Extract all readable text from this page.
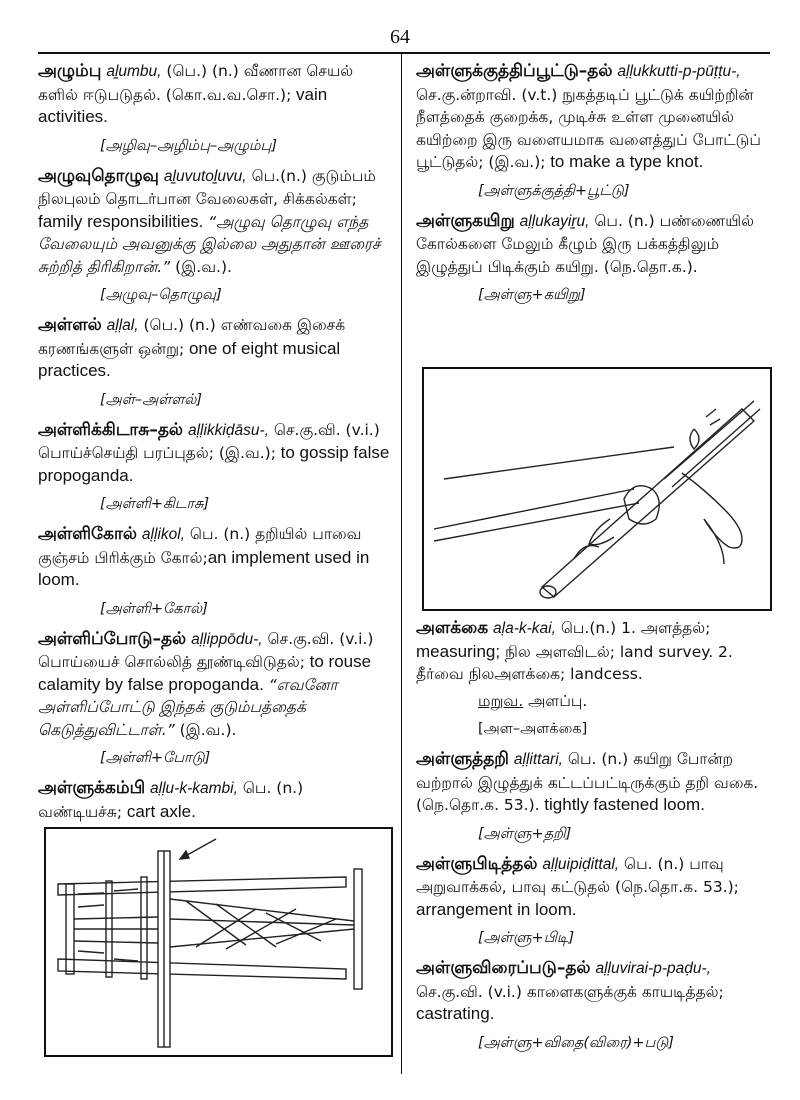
64
அழும்பு aḻumbu, (பெ.) (n.) வீணான செயல் களில் ஈடுபடுதல். (கொ.வ.வ.சொ.); vain activities.
[அழிவு–அழிம்பு–அழும்பு]
அழுவுதொழுவு aḻuvutoḻuvu, பெ.(n.) குடும்பம் நிலபுலம் தொடர்பான வேலைகள், சிக்கல்கள்; family responsibilities. “அழுவு தொழுவு எந்த வேலையும் அவனுக்கு இல்லை அதுதான் ஊரைச் சுற்றித் திரிகிறான்.” (இ.வ.).
[அழுவு–தொழுவு]
அள்ளல் aḷḷal, (பெ.) (n.) எண்வகை இசைக் கரணங்களுள் ஒன்று; one of eight musical practices.
[அள்–அள்ளல்]
அள்ளிக்கிடாசு–தல் aḷḷikkiḍāsu-, செ.கு.வி. (v.i.) பொய்ச்செய்தி பரப்புதல்; (இ.வ.); to gossip false propoganda.
[அள்ளி+கிடாசு]
அள்ளிகோல் aḷḷikol, பெ. (n.) தறியில் பாவை குஞ்சம் பிரிக்கும் கோல்;an implement used in loom.
[அள்ளி+கோல்]
அள்ளிப்போடு–தல் aḷḷippōdu-, செ.கு.வி. (v.i.) பொய்யைச் சொல்லித் தூண்டிவிடுதல்; to rouse calamity by false propoganda. “எவனோ அள்ளிப்போட்டு இந்தக் குடும்பத்தைக் கெடுத்துவிட்டாள்.” (இ.வ.).
[அள்ளி+போடு]
அள்ளுக்கம்பி aḷḷu-k-kambi, பெ. (n.) வண்டியச்சு; cart axle.
அள்ளுக்குத்திப்பூட்டு–தல் aḷḷukkutti-p-pūṭṭu-, செ.கு.ன்றாவி. (v.t.) நுகத்தடிப் பூட்டுக் கயிற்றின் நீளத்தைக் குறைக்க, முடிச்சு உள்ள முனையில் கயிற்றை இரு வளையமாக வளைத்துப் போட்டுப் பூட்டுதல்; (இ.வ.); to make a type knot.
[அள்ளுக்குத்தி+பூட்டு]
அள்ளுகயிறு aḷḷukayiṟu, பெ. (n.) பண்ணையில் கோல்களை மேலும் கீழும் இரு பக்கத்திலும் இழுத்துப் பிடிக்கும் கயிறு. (நெ.தொ.க.).
[அள்ளு+கயிறு]
அளக்கை aḷa-k-kai, பெ.(n.) 1. அளத்தல்; measuring; நில அளவிடல்; land survey. 2. தீர்வை நிலஅளக்கை; landcess.
மறுவ. அளப்பு.
[அள–அளக்கை]
அள்ளுத்தறி aḷḷittari, பெ. (n.) கயிறு போன்ற வற்றால் இழுத்துக் கட்டப்பட்டிருக்கும் தறி வகை. (நெ.தொ.க. 53.). tightly fastened loom.
[அள்ளு+தறி]
அள்ளுபிடித்தல் aḷḷuipiḍittal, பெ. (n.) பாவு அறுவாக்கல், பாவு கட்டுதல் (நெ.தொ.க. 53.); arrangement in loom.
[அள்ளு+பிடி]
அள்ளுவிரைப்படு–தல் aḷḷuvirai-p-paḍu-, செ.கு.வி. (v.i.) காளைகளுக்குக் காயடித்தல்; castrating.
[அள்ளு+விதை(விரை)+படு]
